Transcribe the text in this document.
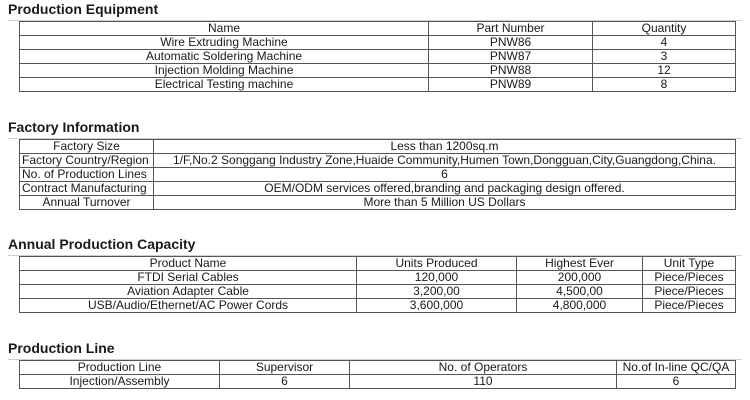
Production Equipment
Name	Part Number	Quantity
Wire Extruding Machine	PNW86	4
Automatic Soldering Machine	PNW87	3
Injection Molding Machine	PNW88	12
Electrical Testing machine	PNW89	8
Factory Information
Factory Size	Less than 1200sq.m
Factory Country/Region	1/F,No.2 Songgang Industry Zone,Huaide Community,Humen Town,Dongguan,City,Guangdong,China.
No. of Production Lines	6
Contract Manufacturing	OEM/ODM services offered,branding and packaging design offered.
Annual Turnover	More than 5 Million US Dollars
Annual Production Capacity
Product Name	Units Produced	Highest Ever	Unit Type
FTDI Serial Cables	120,000	200,000	Piece/Pieces
Aviation Adapter Cable	3,200,00	4,500,00	Piece/Pieces
USB/Audio/Ethernet/AC Power Cords	3,600,000	4,800,000	Piece/Pieces
Production Line
Production Line	Supervisor	No. of Operators	No.of In-line QC/QA
Injection/Assembly	6	110	6
